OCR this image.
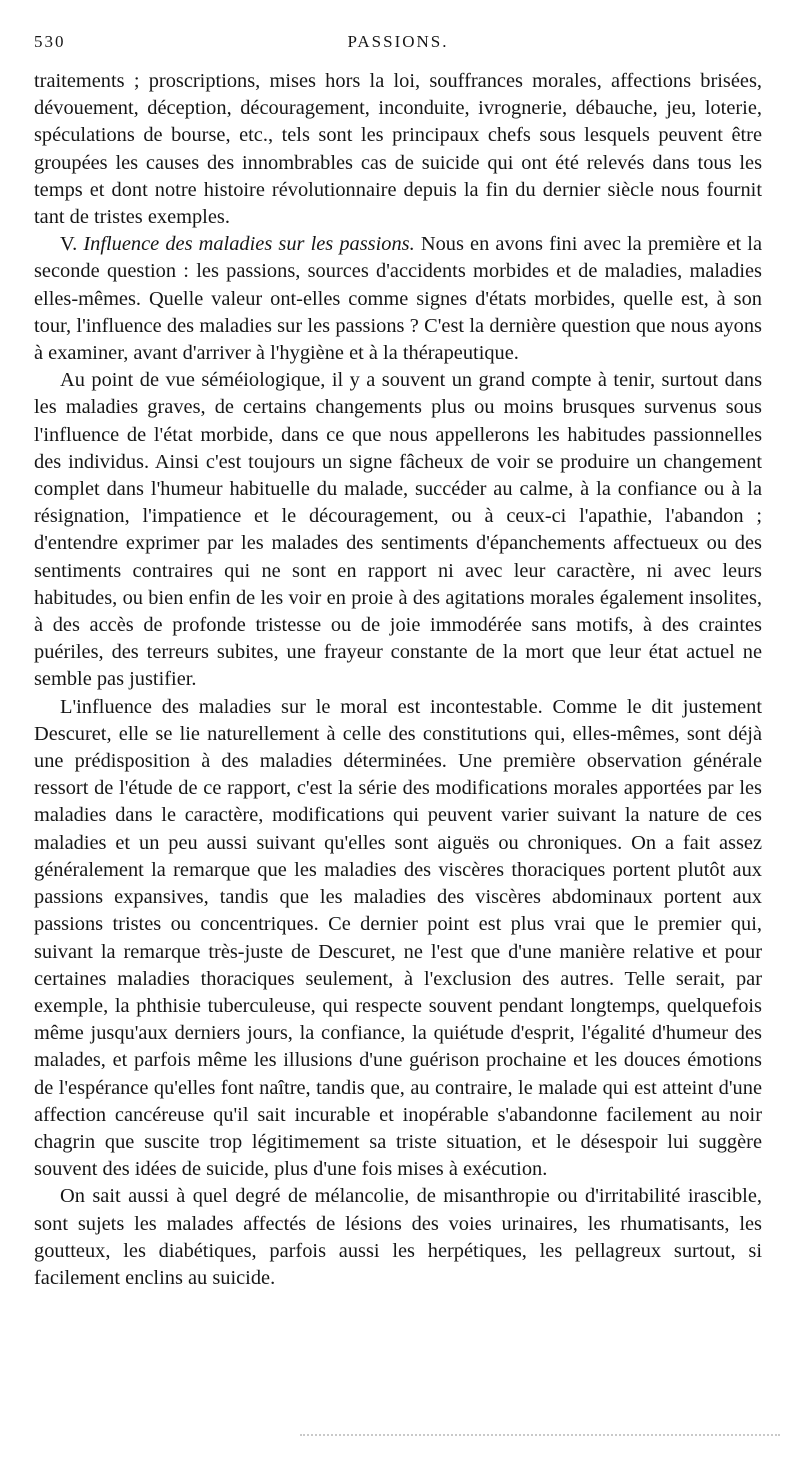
530	PASSIONS.

traitements ; proscriptions, mises hors la loi, souffrances morales, affections brisées, dévouement, déception, découragement, inconduite, ivrognerie, débauche, jeu, loterie, spéculations de bourse, etc., tels sont les principaux chefs sous lesquels peuvent être groupées les causes des innombrables cas de suicide qui ont été relevés dans tous les temps et dont notre histoire révolutionnaire depuis la fin du dernier siècle nous fournit tant de tristes exemples.

V. Influence des maladies sur les passions. Nous en avons fini avec la première et la seconde question : les passions, sources d'accidents morbides et de maladies, maladies elles-mêmes. Quelle valeur ont-elles comme signes d'états morbides, quelle est, à son tour, l'influence des maladies sur les passions ? C'est la dernière question que nous ayons à examiner, avant d'arriver à l'hygiène et à la thérapeutique.

Au point de vue séméiologique, il y a souvent un grand compte à tenir, surtout dans les maladies graves, de certains changements plus ou moins brusques survenus sous l'influence de l'état morbide, dans ce que nous appellerons les habitudes passionnelles des individus. Ainsi c'est toujours un signe fâcheux de voir se produire un changement complet dans l'humeur habituelle du malade, succéder au calme, à la confiance ou à la résignation, l'impatience et le découragement, ou à ceux-ci l'apathie, l'abandon ; d'entendre exprimer par les malades des sentiments d'épanchements affectueux ou des sentiments contraires qui ne sont en rapport ni avec leur caractère, ni avec leurs habitudes, ou bien enfin de les voir en proie à des agitations morales également insolites, à des accès de profonde tristesse ou de joie immodérée sans motifs, à des craintes puériles, des terreurs subites, une frayeur constante de la mort que leur état actuel ne semble pas justifier.

L'influence des maladies sur le moral est incontestable. Comme le dit justement Descuret, elle se lie naturellement à celle des constitutions qui, elles-mêmes, sont déjà une prédisposition à des maladies déterminées. Une première observation générale ressort de l'étude de ce rapport, c'est la série des modifications morales apportées par les maladies dans le caractère, modifications qui peuvent varier suivant la nature de ces maladies et un peu aussi suivant qu'elles sont aiguës ou chroniques. On a fait assez généralement la remarque que les maladies des viscères thoraciques portent plutôt aux passions expansives, tandis que les maladies des viscères abdominaux portent aux passions tristes ou concentriques. Ce dernier point est plus vrai que le premier qui, suivant la remarque très-juste de Descuret, ne l'est que d'une manière relative et pour certaines maladies thoraciques seulement, à l'exclusion des autres. Telle serait, par exemple, la phthisie tuberculeuse, qui respecte souvent pendant longtemps, quelquefois même jusqu'aux derniers jours, la confiance, la quiétude d'esprit, l'égalité d'humeur des malades, et parfois même les illusions d'une guérison prochaine et les douces émotions de l'espérance qu'elles font naître, tandis que, au contraire, le malade qui est atteint d'une affection cancéreuse qu'il sait incurable et inopérable s'abandonne facilement au noir chagrin que suscite trop légitimement sa triste situation, et le désespoir lui suggère souvent des idées de suicide, plus d'une fois mises à exécution.

On sait aussi à quel degré de mélancolie, de misanthropie ou d'irritabilité irascible, sont sujets les malades affectés de lésions des voies urinaires, les rhumatisants, les goutteux, les diabétiques, parfois aussi les herpétiques, les pellagreux surtout, si facilement enclins au suicide.
